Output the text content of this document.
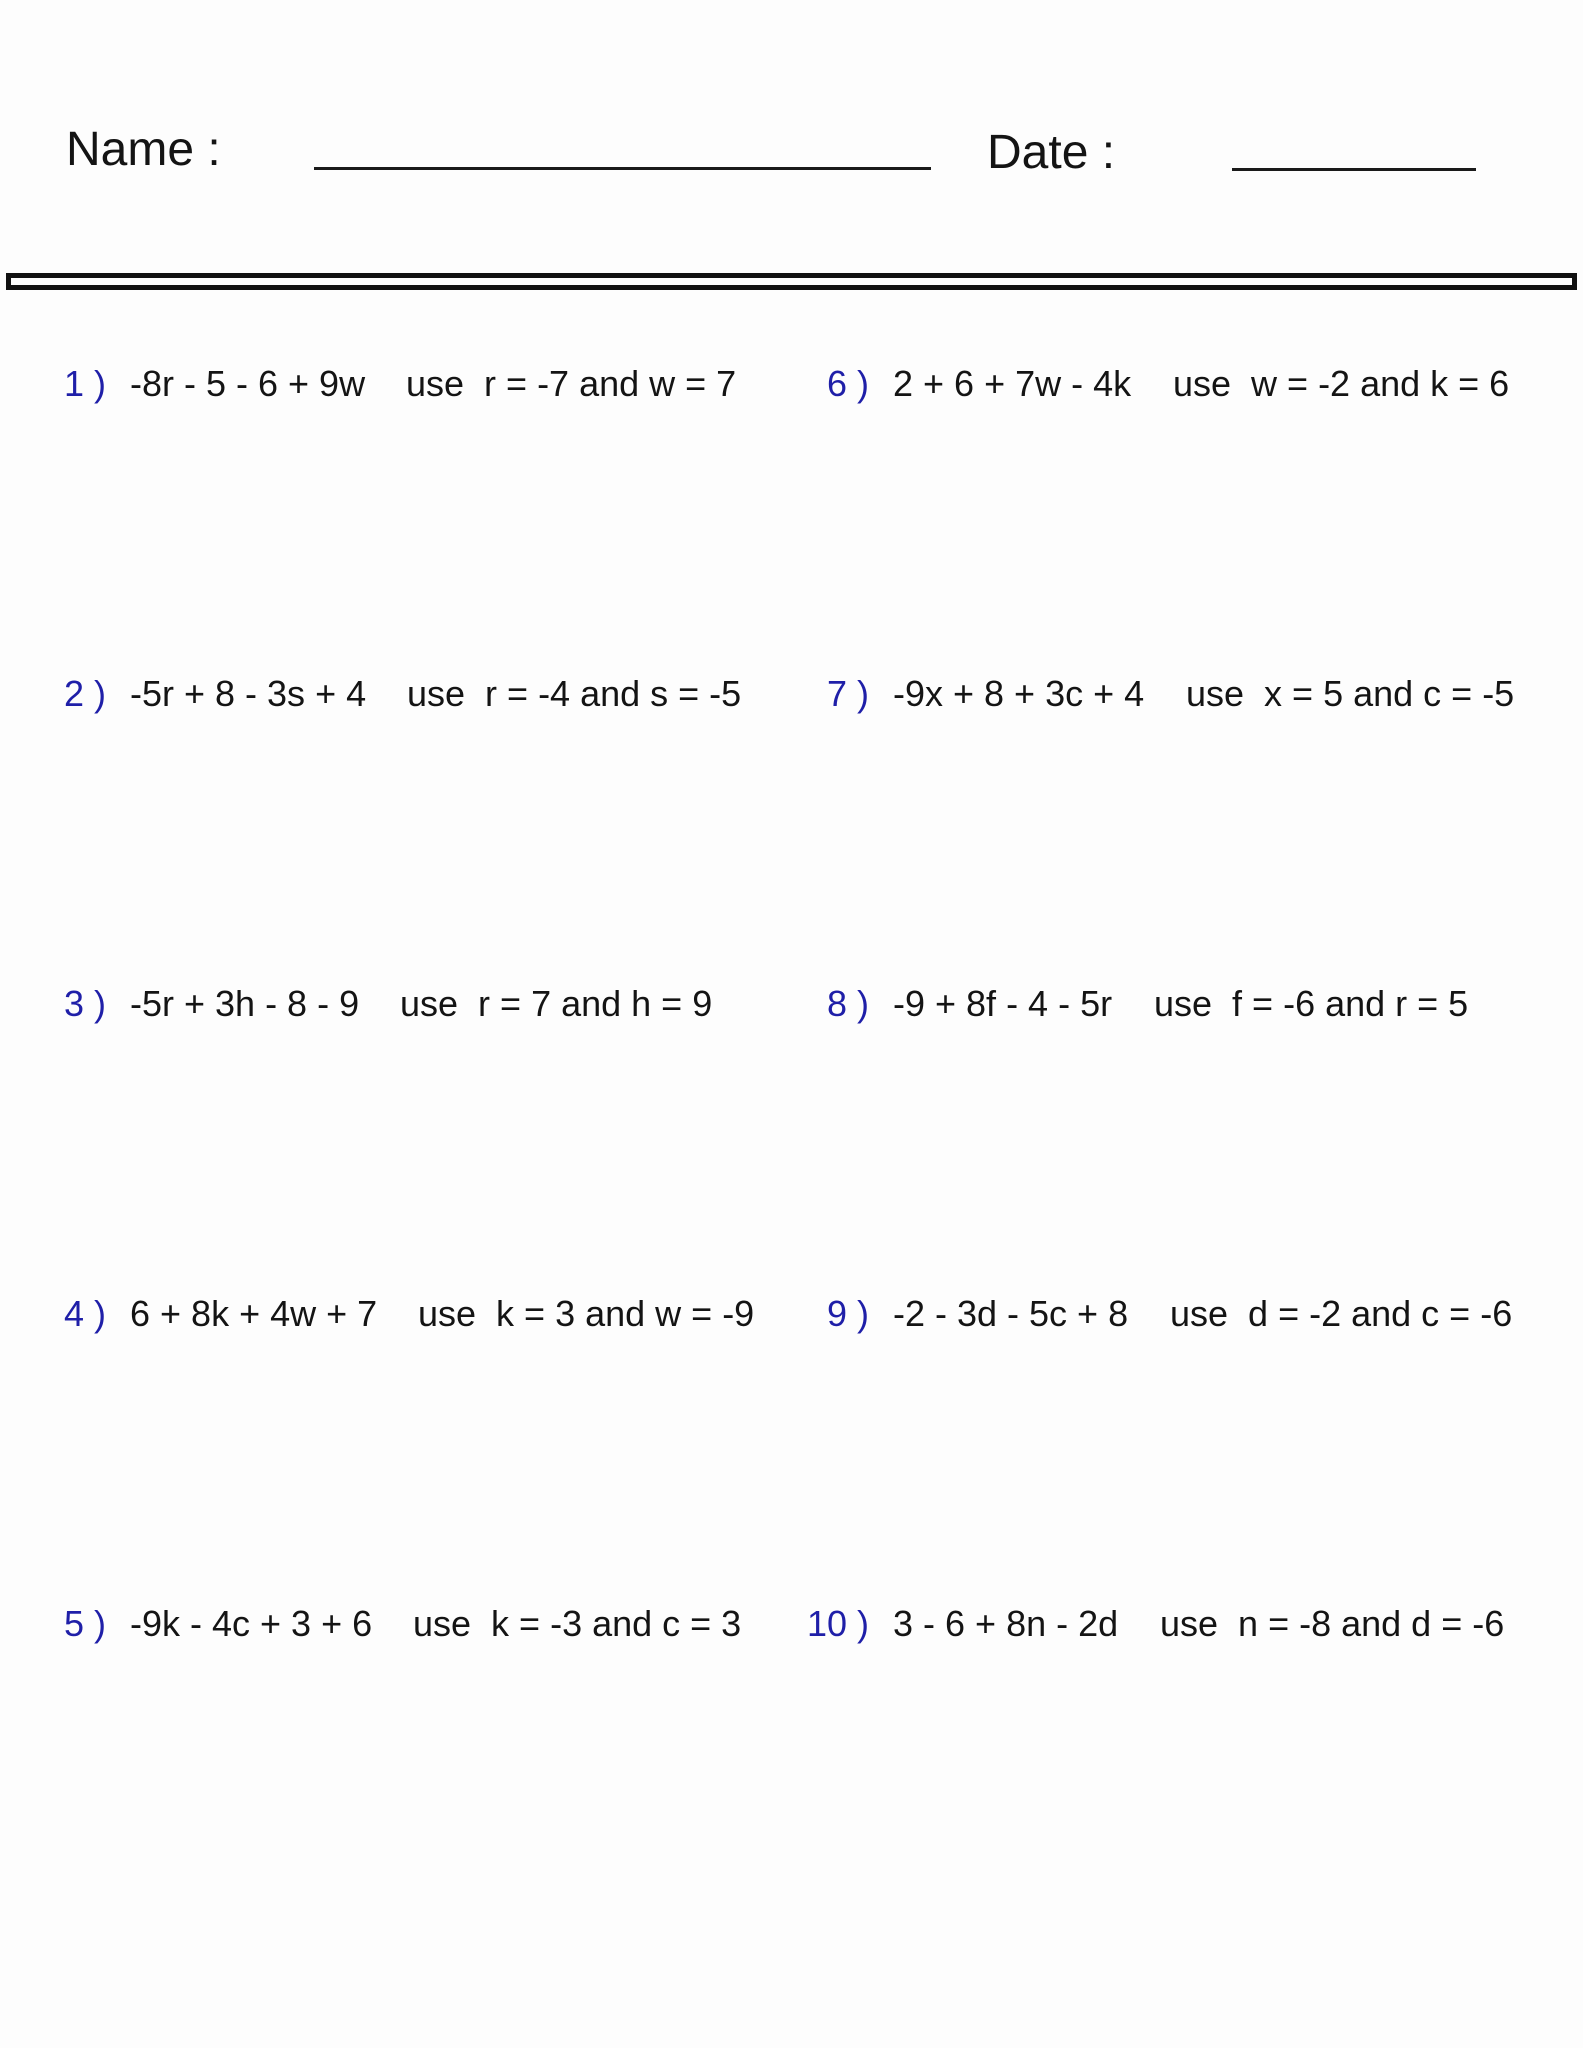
Name :	Date :
1 ) -8r - 5 - 6 + 9w use  r = -7 and w = 7
2 ) -5r + 8 - 3s + 4 use  r = -4 and s = -5
3 ) -5r + 3h - 8 - 9 use  r = 7 and h = 9
4 ) 6 + 8k + 4w + 7 use  k = 3 and w = -9
5 ) -9k - 4c + 3 + 6 use  k = -3 and c = 3
6 ) 2 + 6 + 7w - 4k use  w = -2 and k = 6
7 ) -9x + 8 + 3c + 4 use  x = 5 and c = -5
8 ) -9 + 8f - 4 - 5r use  f = -6 and r = 5
9 ) -2 - 3d - 5c + 8 use  d = -2 and c = -6
10 ) 3 - 6 + 8n - 2d use  n = -8 and d = -6
